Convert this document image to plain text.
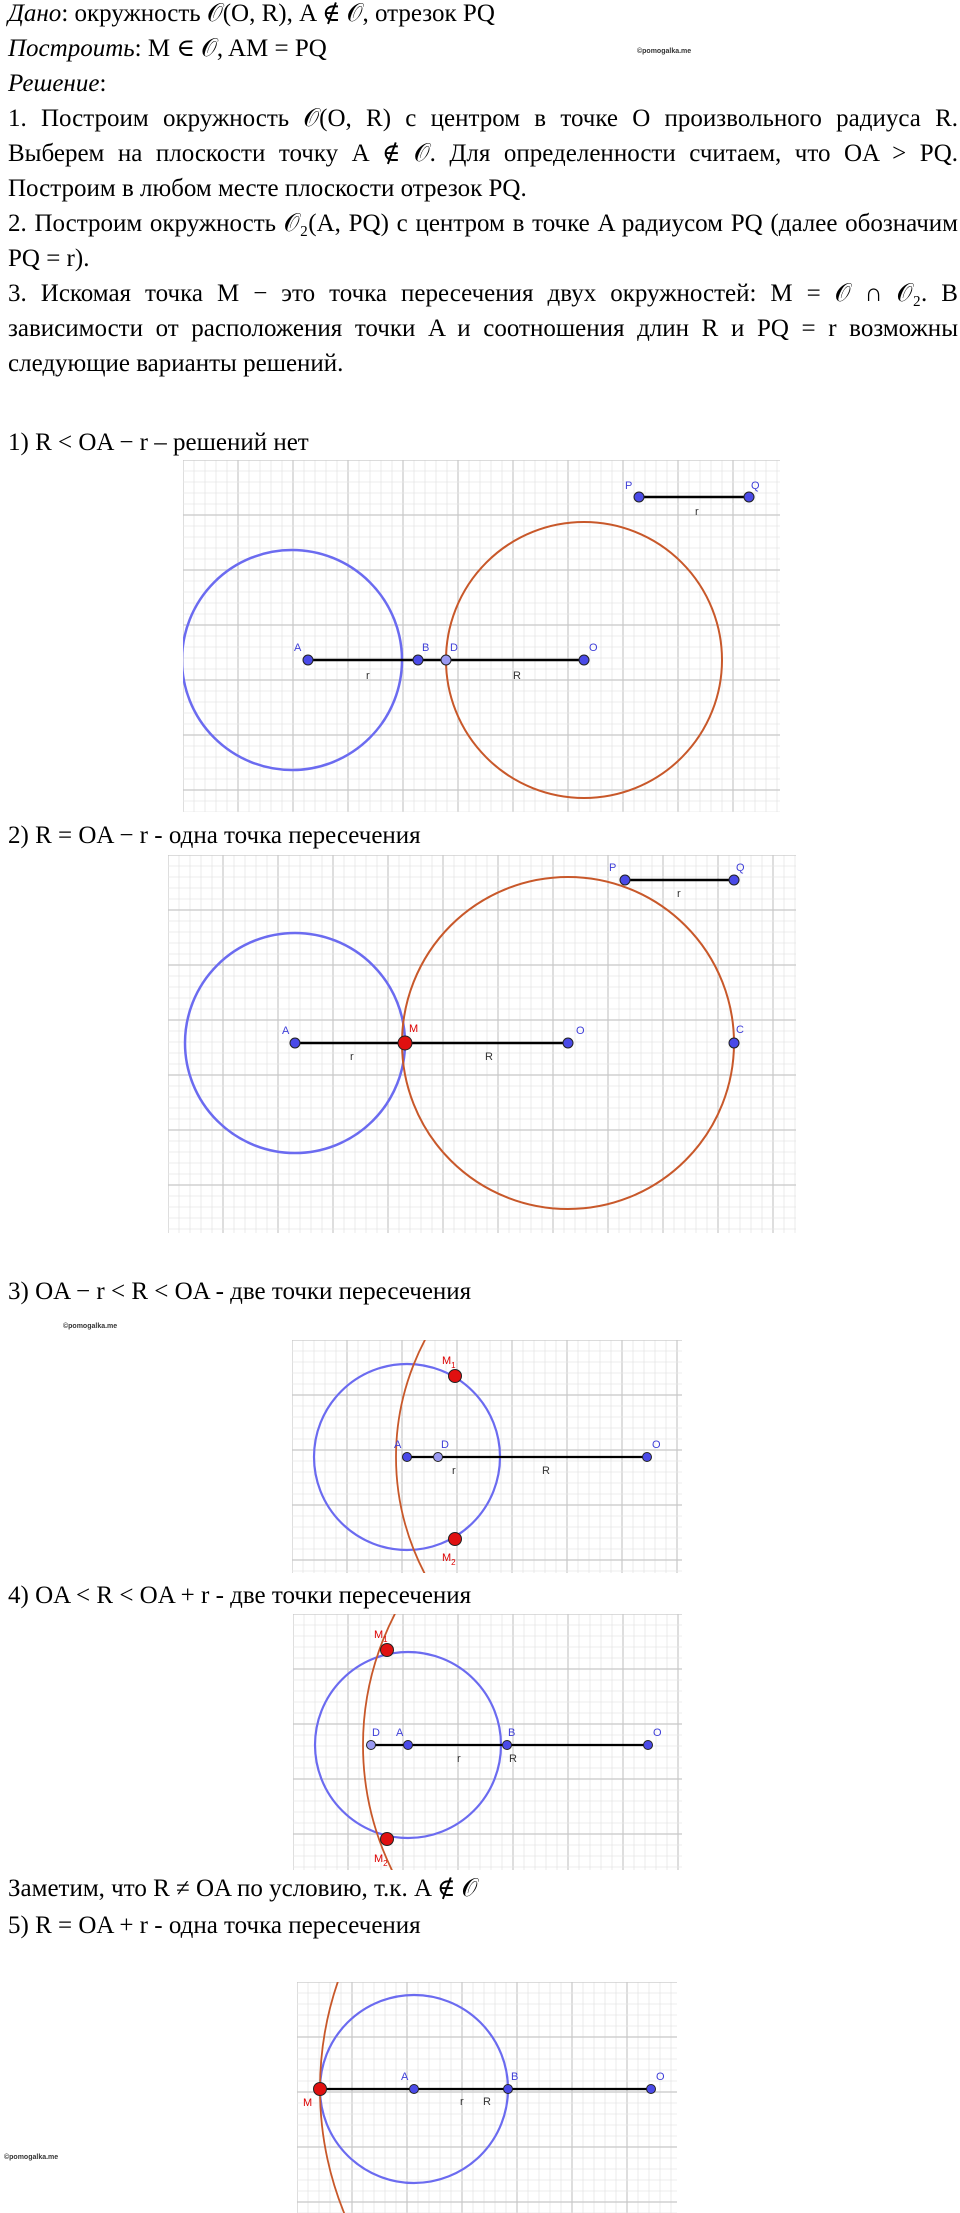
Дано: окружность 𝒪(O, R), A ∉ 𝒪, отрезок PQ
Построить: M ∈ 𝒪, AM = PQ	©pomogalka.me
Решение:

1. Построим окружность 𝒪(O, R) с центром в точке O произвольного радиуса R. Выберем на плоскости точку A ∉ 𝒪. Для определенности считаем, что OA > PQ. Построим в любом месте плоскости отрезок PQ.

2. Построим окружность 𝒪₂(A, PQ) с центром в точке A радиусом PQ (далее обозначим PQ = r).

3. Искомая точка M − это точка пересечения двух окружностей: M = 𝒪 ∩ 𝒪₂. В зависимости от расположения точки A и соотношения длин R и PQ = r возможны следующие варианты решений.

1) R < OA − r – решений нет
A	B D	O
P	Q
r	R
r
2) R = OA − r - одна точка пересечения
A	M	O	C
P	Q
r	R
r
3) OA − r < R < OA - две точки пересечения
©pomogalka.me
A	D	O
$M_1$
$M_2$
r	R
4) OA < R < OA + r - две точки пересечения
D A	B	O
$M_1$
$M_2$
r	R
Заметим, что R ≠ OA по условию, т.к. A ∉ 𝒪
5) R = OA + r - одна точка пересечения
M
A	B	O
r R
©pomogalka.me
